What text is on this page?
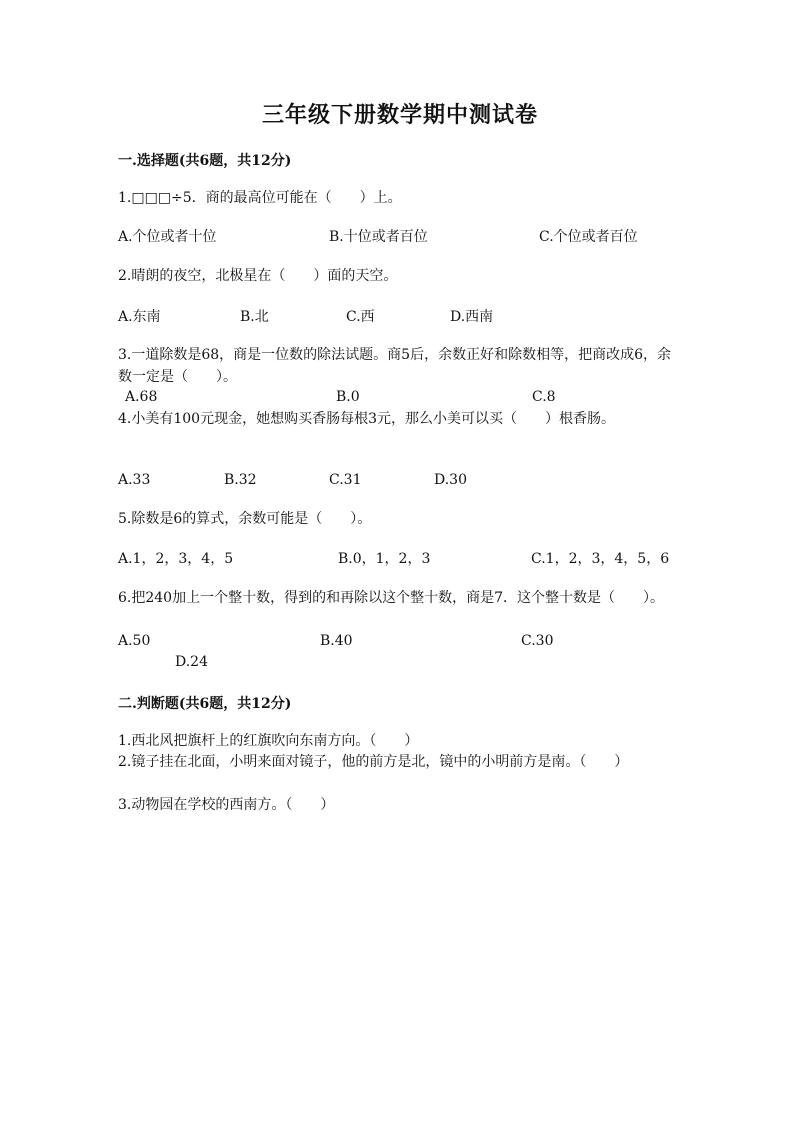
三年级下册数学期中测试卷
一.选择题(共6题，共12分)
1.□□□÷5．商的最高位可能在（　　）上。
A.个位或者十位	B.十位或者百位	C.个位或者百位
2.晴朗的夜空，北极星在（　　）面的天空。
A.东南	B.北	C.西	D.西南
3.一道除数是68，商是一位数的除法试题。商5后，余数正好和除数相等，把商改成6，余数一定是（　　）。
A.68	B.0	C.8
4.小美有100元现金，她想购买香肠每根3元，那么小美可以买（　　）根香肠。
A.33	B.32	C.31	D.30
5.除数是6的算式，余数可能是（　　）。
A.1，2，3，4，5	B.0，1，2，3	C.1，2，3，4，5，6
6.把240加上一个整十数，得到的和再除以这个整十数，商是7．这个整十数是（　　）。
A.50	B.40	C.30
D.24
二.判断题(共6题，共12分)
1.西北风把旗杆上的红旗吹向东南方向。（　　）
2.镜子挂在北面，小明来面对镜子，他的前方是北，镜中的小明前方是南。（　　）
3.动物园在学校的西南方。（　　）
